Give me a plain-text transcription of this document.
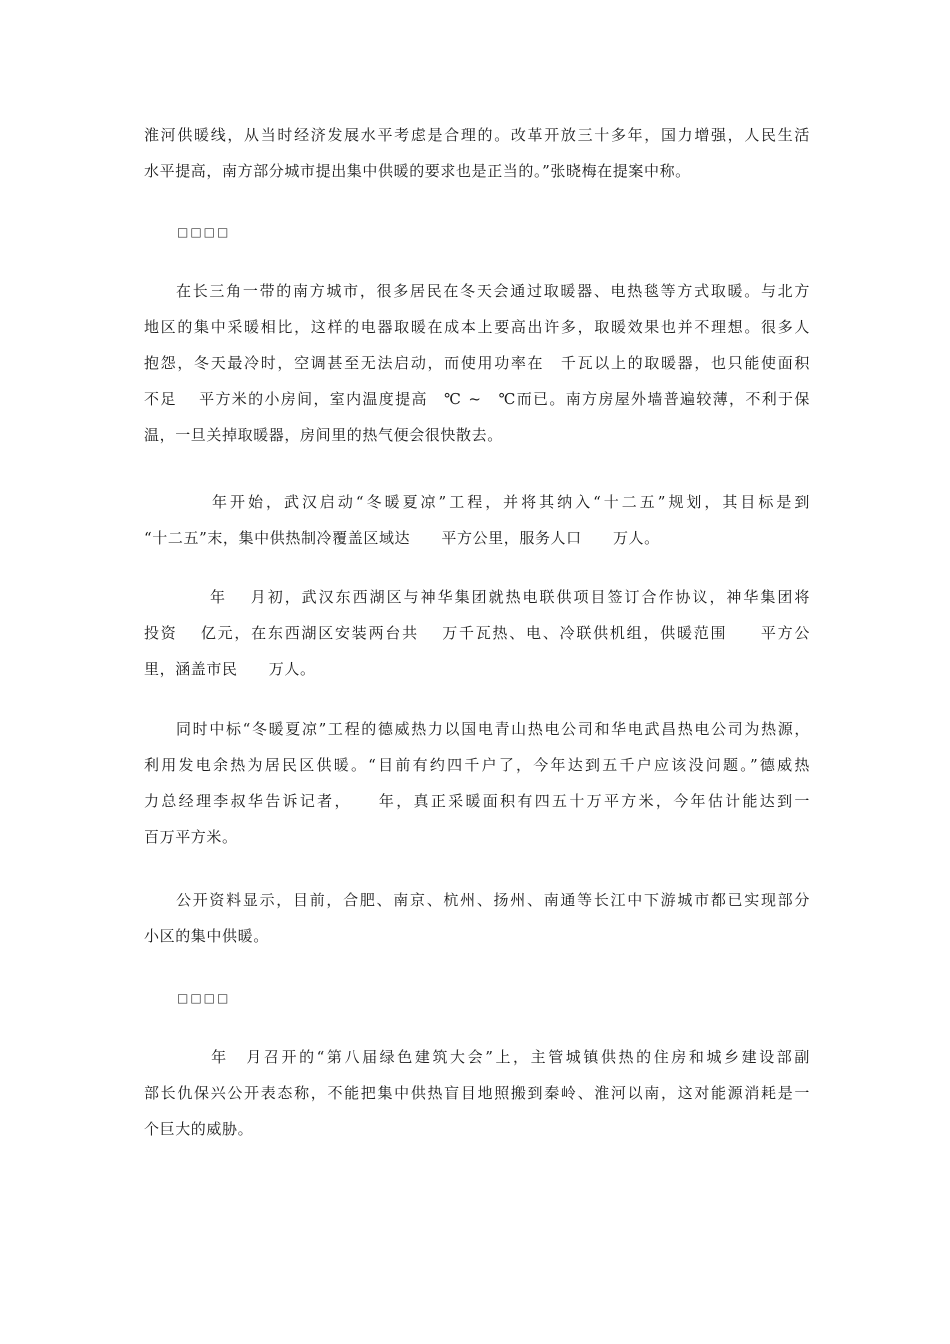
淮河供暖线，从当时经济发展水平考虑是合理的。改革开放三十多年，国力增强，人民生活
水平提高，南方部分城市提出集中供暖的要求也是正当的。”张晓梅在提案中称。
□□□□
在长三角一带的南方城市，很多居民在冬天会通过取暖器、电热毯等方式取暖。与北方
地区的集中采暖相比，这样的电器取暖在成本上要高出许多，取暖效果也并不理想。很多人
抱怨，冬天最冷时，空调甚至无法启动，而使用功率在　千瓦以上的取暖器，也只能使面积
不足　 平方米的小房间，室内温度提高　℃ ~　℃而已。南方房屋外墙普遍较薄，不利于保
温，一旦关掉取暖器，房间里的热气便会很快散去。
　　年开始，武汉启动“冬暖夏凉”工程，并将其纳入“十二五”规划，其目标是到
“十二五”末，集中供热制冷覆盖区域达　　平方公里，服务人口　　万人。
　　年　 月初，武汉东西湖区与神华集团就热电联供项目签订合作协议，神华集团将
投资　 亿元，在东西湖区安装两台共　 万千瓦热、电、冷联供机组，供暖范围　　平方公
里，涵盖市民　　万人。
同时中标“冬暖夏凉”工程的德威热力以国电青山热电公司和华电武昌热电公司为热源，
利用发电余热为居民区供暖。“目前有约四千户了，今年达到五千户应该没问题。”德威热
力总经理李叔华告诉记者，　　年，真正采暖面积有四五十万平方米，今年估计能达到一
百万平方米。
公开资料显示，目前，合肥、南京、杭州、扬州、南通等长江中下游城市都已实现部分
小区的集中供暖。
□□□□
　　年　月召开的“第八届绿色建筑大会”上，主管城镇供热的住房和城乡建设部副
部长仇保兴公开表态称，不能把集中供热盲目地照搬到秦岭、淮河以南，这对能源消耗是一
个巨大的威胁。
